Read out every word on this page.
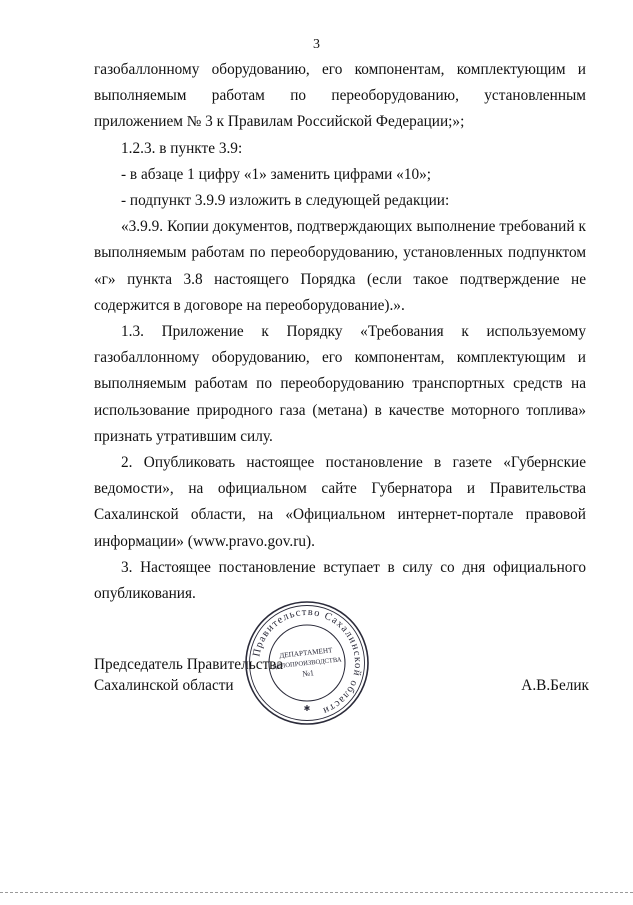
3

газобаллонному оборудованию, его компонентам, комплектующим и выполняемым работам по переоборудованию, установленным приложением № 3 к Правилам Российской Федерации;»;

1.2.3. в пункте 3.9:

- в абзаце 1 цифру «1» заменить цифрами «10»;

- подпункт 3.9.9 изложить в следующей редакции:

«3.9.9. Копии документов, подтверждающих выполнение требований к выполняемым работам по переоборудованию, установленных подпунктом «г» пункта 3.8 настоящего Порядка (если такое подтверждение не содержится в договоре на переоборудование).».

1.3. Приложение к Порядку «Требования к используемому газобаллонному оборудованию, его компонентам, комплектующим и выполняемым работам по переоборудованию транспортных средств на использование природного газа (метана) в качестве моторного топлива» признать утратившим силу.

2. Опубликовать настоящее постановление в газете «Губернские ведомости», на официальном сайте Губернатора и Правительства Сахалинской области, на «Официальном интернет-портале правовой информации» (www.pravo.gov.ru).

3. Настоящее постановление вступает в силу со дня официального опубликования.

Председатель Правительства
Сахалинской области	А.В.Белик
Правительство Сахалинской области
✱
ДЕПАРТАМЕНТ
ДЕЛОПРОИЗВОДСТВА
№1
